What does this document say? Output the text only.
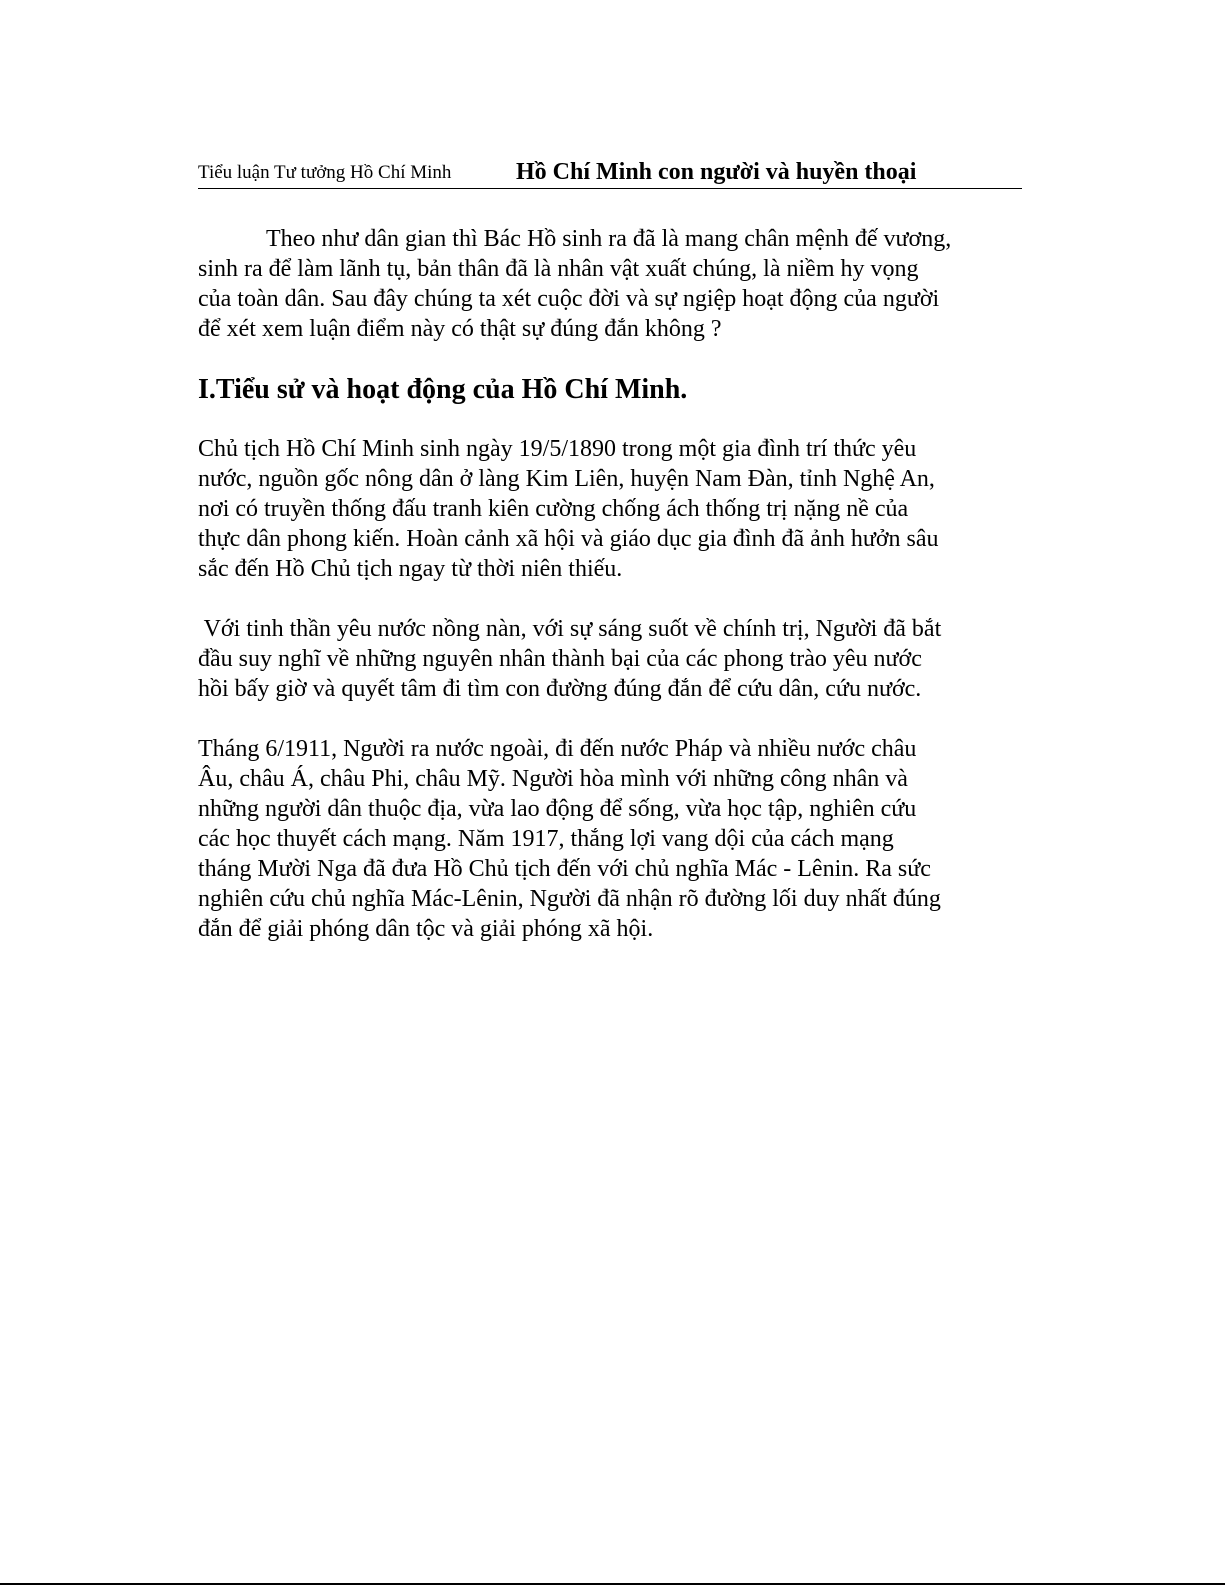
Tiểu luận Tư tưởng Hồ Chí Minh	Hồ Chí Minh con người và huyền thoại
Theo như dân gian thì Bác Hồ sinh ra đã là mang chân mệnh đế vương,
sinh ra để làm lãnh tụ, bản thân đã là nhân vật xuất chúng, là niềm hy vọng
của toàn dân. Sau đây chúng ta xét cuộc đời và sự ngiệp hoạt động của người
để xét xem luận điểm này có thật sự đúng đắn không ?
I.Tiểu sử và hoạt động của Hồ Chí Minh.
Chủ tịch Hồ Chí Minh sinh ngày 19/5/1890 trong một gia đình trí thức yêu
nước, nguồn gốc nông dân ở làng Kim Liên, huyện Nam Đàn, tỉnh Nghệ An,
nơi có truyền thống đấu tranh kiên cường chống ách thống trị nặng nề của
thực dân phong kiến. Hoàn cảnh xã hội và giáo dục gia đình đã ảnh hưởn sâu
sắc đến Hồ Chủ tịch ngay từ thời niên thiếu.
Với tinh thần yêu nước nồng nàn, với sự sáng suốt về chính trị, Người đã bắt
đầu suy nghĩ về những nguyên nhân thành bại của các phong trào yêu nước
hồi bấy giờ và quyết tâm đi tìm con đường đúng đắn để cứu dân, cứu nước.
Tháng 6/1911, Người ra nước ngoài, đi đến nước Pháp và nhiều nước châu
Âu, châu Á, châu Phi, châu Mỹ. Người hòa mình với những công nhân và
những người dân thuộc địa, vừa lao động để sống, vừa học tập, nghiên cứu
các học thuyết cách mạng. Năm 1917, thắng lợi vang dội của cách mạng
tháng Mười Nga đã đưa Hồ Chủ tịch đến với chủ nghĩa Mác - Lênin. Ra sức
nghiên cứu chủ nghĩa Mác-Lênin, Người đã nhận rõ đường lối duy nhất đúng
đắn để giải phóng dân tộc và giải phóng xã hội.
